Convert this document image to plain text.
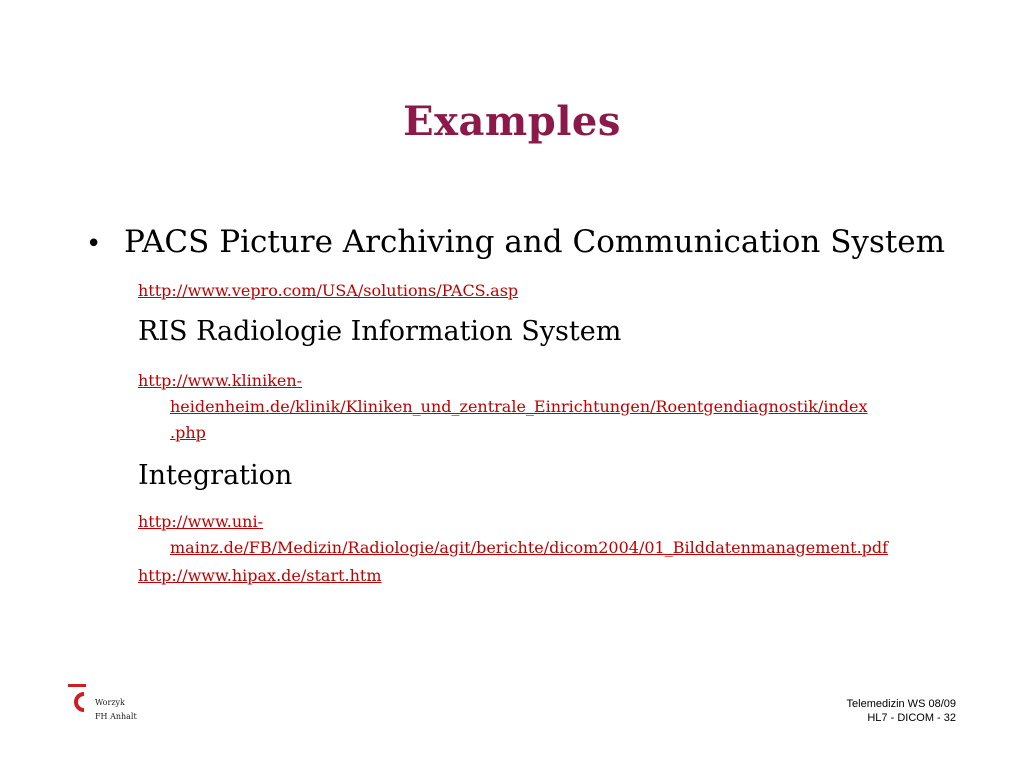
Examples
• PACS Picture Archiving and Communication System
http://www.vepro.com/USA/solutions/PACS.asp
RIS Radiologie Information System
http://www.kliniken-
heidenheim.de/klinik/Kliniken_und_zentrale_Einrichtungen/Roentgendiagnostik/index
.php
Integration
http://www.uni-
mainz.de/FB/Medizin/Radiologie/agit/berichte/dicom2004/01_Bilddatenmanagement.pdf
http://www.hipax.de/start.htm
Worzyk
FH Anhalt
Telemedizin WS 08/09
HL7 - DICOM - 32
